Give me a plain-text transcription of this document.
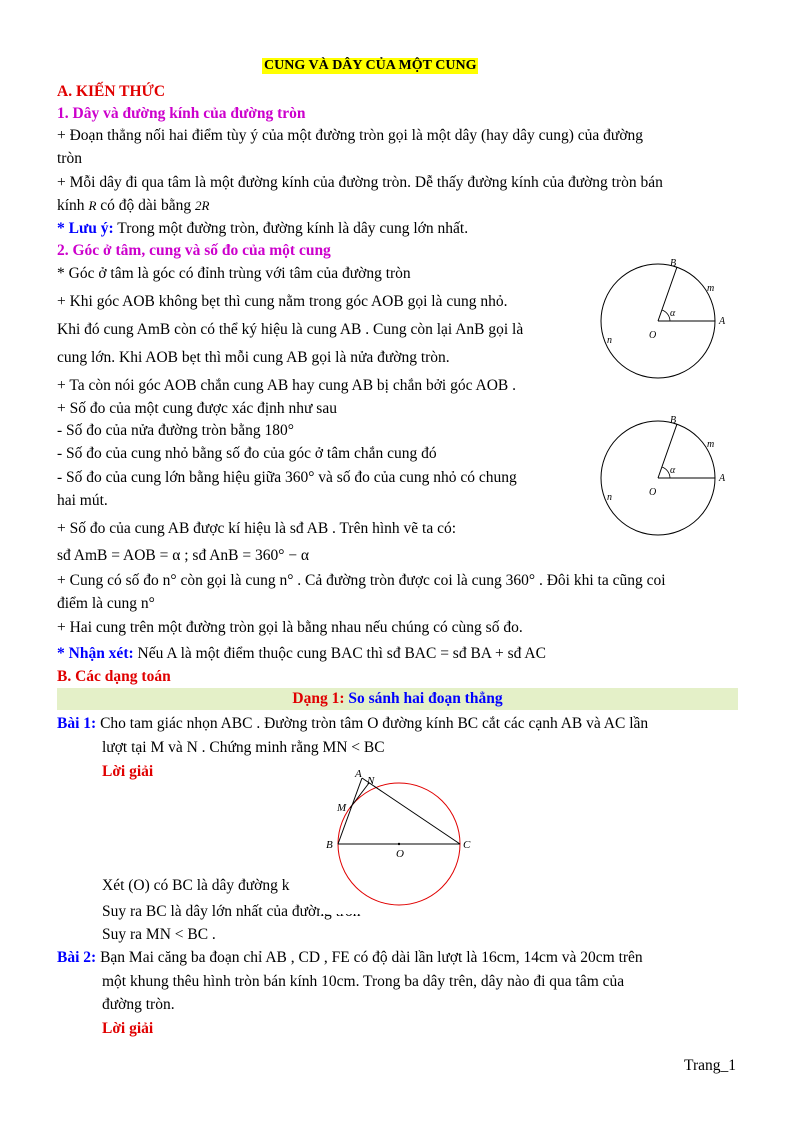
CUNG VÀ DÂY CỦA MỘT CUNG
A. KIẾN THỨC
1. Dây và đường kính của đường tròn
+ Đoạn thẳng nối hai điểm tùy ý của một đường tròn gọi là một dây (hay dây cung) của đường
tròn
+ Mỗi dây đi qua tâm là một đường kính của đường tròn. Dễ thấy đường kính của đường tròn bán
kính R có độ dài bằng 2R
* Lưu ý: Trong một đường tròn, đường kính là dây cung lớn nhất.
2. Góc ở tâm, cung và số đo của một cung
* Góc ở tâm là góc có đỉnh trùng với tâm của đường tròn
+ Khi góc AOB không bẹt thì cung nằm trong góc AOB gọi là cung nhỏ.
Khi đó cung AmB còn có thể ký hiệu là cung AB . Cung còn lại AnB gọi là
cung lớn. Khi AOB bẹt thì mỗi cung AB gọi là nửa đường tròn.
+ Ta còn nói góc AOB chắn cung AB hay cung AB bị chắn bởi góc AOB .
+ Số đo của một cung được xác định như sau
- Số đo của nửa đường tròn bằng 180°
- Số đo của cung nhỏ bằng số đo của góc ở tâm chắn cung đó
- Số đo của cung lớn bằng hiệu giữa 360° và số đo của cung nhỏ có chung
hai mút.
+ Số đo của cung AB được kí hiệu là sđ AB . Trên hình vẽ ta có:
sđ AmB = AOB = α ; sđ AnB = 360° − α
+ Cung có số đo n° còn gọi là cung n° . Cả đường tròn được coi là cung 360° . Đôi khi ta cũng coi
điểm là cung n°
+ Hai cung trên một đường tròn gọi là bằng nhau nếu chúng có cùng số đo.
* Nhận xét: Nếu A là một điểm thuộc cung BAC thì sđ BAC = sđ BA + sđ AC
B. Các dạng toán
Dạng 1: So sánh hai đoạn thẳng
Bài 1: Cho tam giác nhọn ABC . Đường tròn tâm O đường kính BC cắt các cạnh AB và AC lần
lượt tại M và N . Chứng minh rằng MN < BC
Lời giải
Xét (O) có BC là dây đường k
Suy ra BC là dây lớn nhất của đường tròn
Suy ra MN < BC .
Bài 2: Bạn Mai căng ba đoạn chỉ AB , CD , FE có độ dài lần lượt là 16cm, 14cm và 20cm trên
một khung thêu hình tròn bán kính 10cm. Trong ba dây trên, dây nào đi qua tâm của
đường tròn.
Lời giải
Trang_1
B
m
α
O
A
n
B
m
α
O
A
n
A
N
M
B
O
C
